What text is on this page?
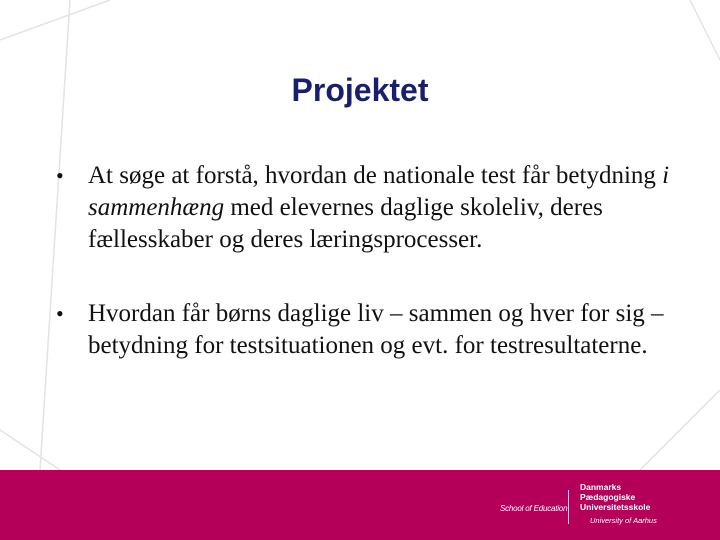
Projektet
• At søge at forstå, hvordan de nationale test får betydning i sammenhæng med elevernes daglige skoleliv, deres fællesskaber og deres læringsprocesser.
• Hvordan får børns daglige liv – sammen og hver for sig – betydning for testsituationen og evt. for testresultaterne.
School of Education
Danmarks
Pædagogiske
Universitetsskole
University of Aarhus
